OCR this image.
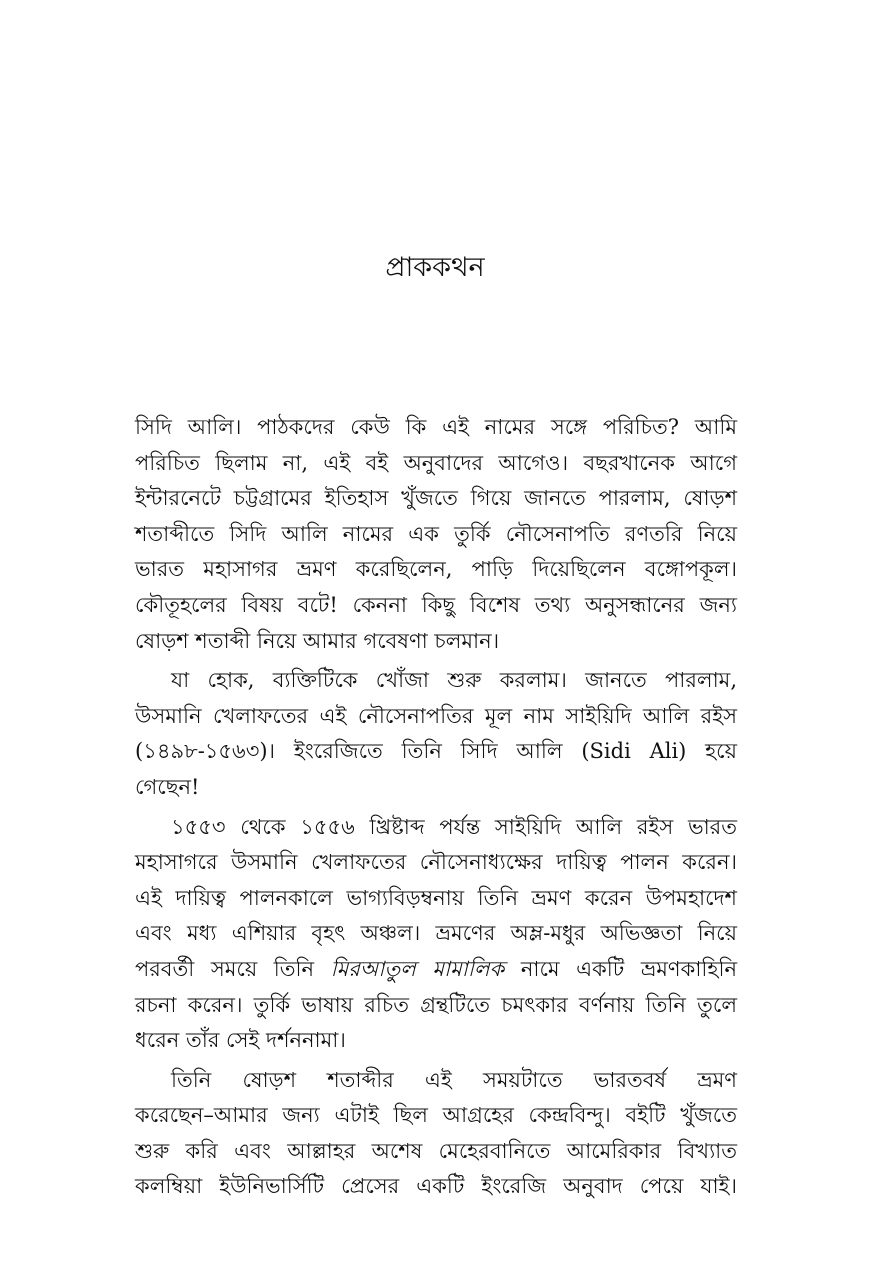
প্রাককথন

সিদি আলি। পাঠকদের কেউ কি এই নামের সঙ্গে পরিচিত? আমি
পরিচিত ছিলাম না, এই বই অনুবাদের আগেও। বছরখানেক আগে
ইন্টারনেটে চট্টগ্রামের ইতিহাস খুঁজতে গিয়ে জানতে পারলাম, ষোড়শ
শতাব্দীতে সিদি আলি নামের এক তুর্কি নৌসেনাপতি রণতরি নিয়ে
ভারত মহাসাগর ভ্রমণ করেছিলেন, পাড়ি দিয়েছিলেন বঙ্গোপকূল।
কৌতূহলের বিষয় বটে! কেননা কিছু বিশেষ তথ্য অনুসন্ধানের জন্য
ষোড়শ শতাব্দী নিয়ে আমার গবেষণা চলমান।

যা হোক, ব্যক্তিটিকে খোঁজা শুরু করলাম। জানতে পারলাম,
উসমানি খেলাফতের এই নৌসেনাপতির মূল নাম সাইয়িদি আলি রইস
(১৪৯৮-১৫৬৩)। ইংরেজিতে তিনি সিদি আলি (Sidi Ali) হয়ে
গেছেন!

১৫৫৩ থেকে ১৫৫৬ খ্রিষ্টাব্দ পর্যন্ত সাইয়িদি আলি রইস ভারত
মহাসাগরে উসমানি খেলাফতের নৌসেনাধ্যক্ষের দায়িত্ব পালন করেন।
এই দায়িত্ব পালনকালে ভাগ্যবিড়ম্বনায় তিনি ভ্রমণ করেন উপমহাদেশ
এবং মধ্য এশিয়ার বৃহৎ অঞ্চল। ভ্রমণের অম্ল-মধুর অভিজ্ঞতা নিয়ে
পরবর্তী সময়ে তিনি মিরআতুল মামালিক নামে একটি ভ্রমণকাহিনি
রচনা করেন। তুর্কি ভাষায় রচিত গ্রন্থটিতে চমৎকার বর্ণনায় তিনি তুলে
ধরেন তাঁর সেই দর্শননামা।

তিনি ষোড়শ শতাব্দীর এই সময়টাতে ভারতবর্ষ ভ্রমণ
করেছেন–আমার জন্য এটাই ছিল আগ্রহের কেন্দ্রবিন্দু। বইটি খুঁজতে
শুরু করি এবং আল্লাহর অশেষ মেহেরবানিতে আমেরিকার বিখ্যাত
কলম্বিয়া ইউনিভার্সিটি প্রেসের একটি ইংরেজি অনুবাদ পেয়ে যাই।
